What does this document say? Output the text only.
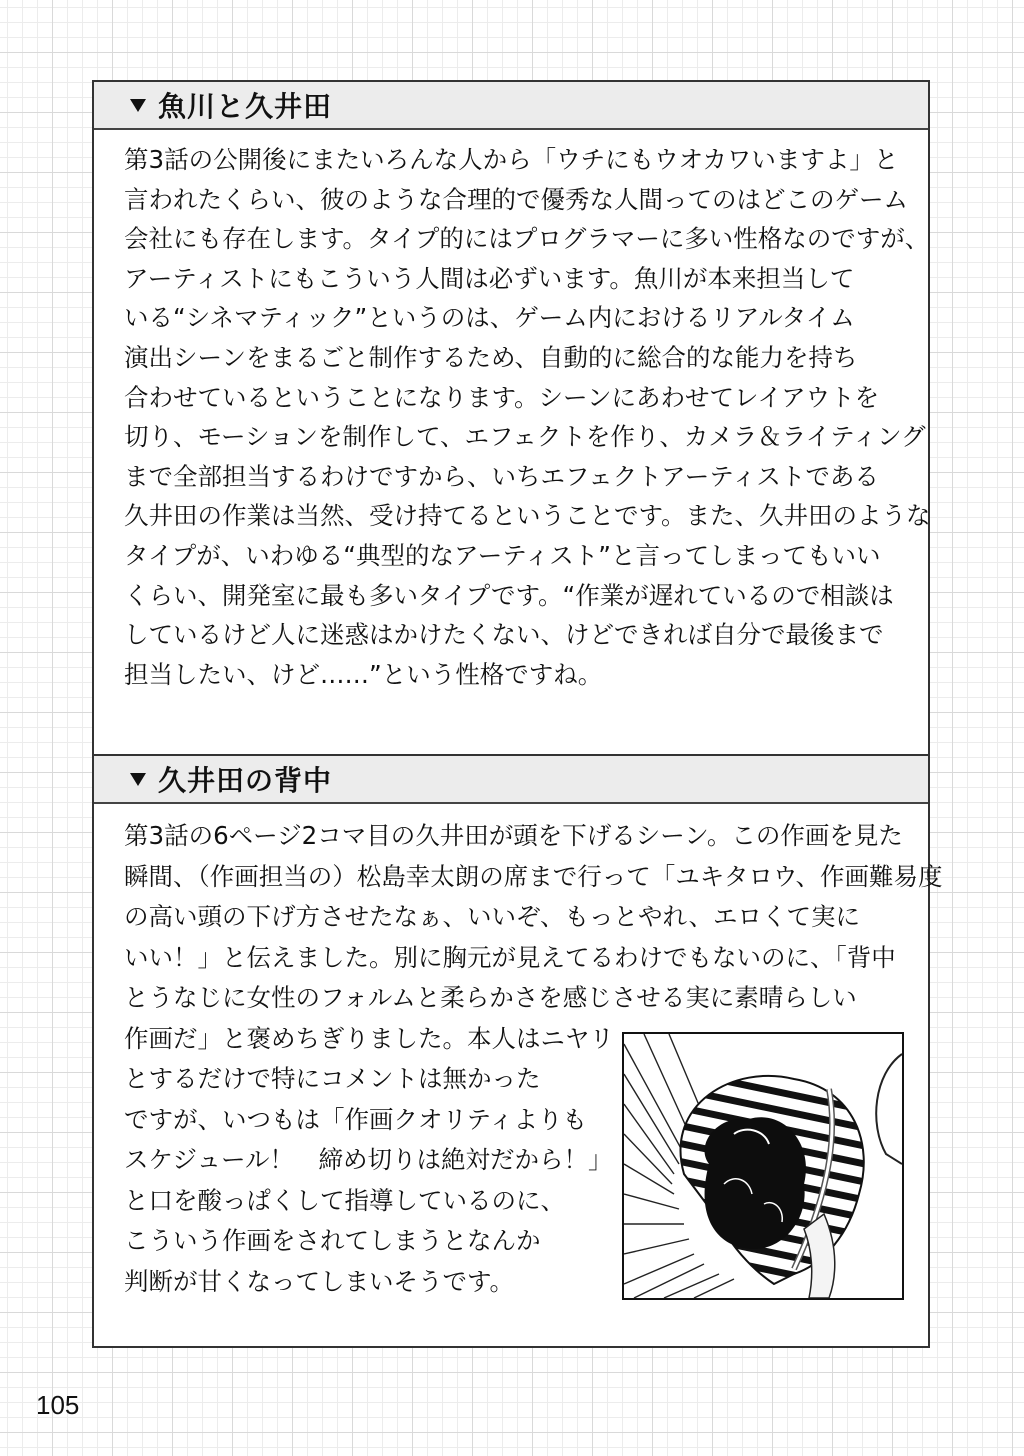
魚川と久井田
第3話の公開後にまたいろんな人から「ウチにもウオカワいますよ」と
言われたくらい、彼のような合理的で優秀な人間ってのはどこのゲーム
会社にも存在します。タイプ的にはプログラマーに多い性格なのですが、
アーティストにもこういう人間は必ずいます。魚川が本来担当して
いる“シネマティック”というのは、ゲーム内におけるリアルタイム
演出シーンをまるごと制作するため、自動的に総合的な能力を持ち
合わせているということになります。シーンにあわせてレイアウトを
切り、モーションを制作して、エフェクトを作り、カメラ＆ライティング
まで全部担当するわけですから、いちエフェクトアーティストである
久井田の作業は当然、受け持てるということです。また、久井田のような
タイプが、いわゆる“典型的なアーティスト”と言ってしまってもいい
くらい、開発室に最も多いタイプです。“作業が遅れているので相談は
しているけど人に迷惑はかけたくない、けどできれば自分で最後まで
担当したい、けど……”という性格ですね。
久井田の背中
第3話の6ページ2コマ目の久井田が頭を下げるシーン。この作画を見た
瞬間、（作画担当の）松島幸太朗の席まで行って「ユキタロウ、作画難易度
の高い頭の下げ方させたなぁ、いいぞ、もっとやれ、エロくて実に
いい！」と伝えました。別に胸元が見えてるわけでもないのに、「背中
とうなじに女性のフォルムと柔らかさを感じさせる実に素晴らしい
作画だ」と褒めちぎりました。本人はニヤリ
とするだけで特にコメントは無かった
ですが、いつもは「作画クオリティよりも
スケジュール！　締め切りは絶対だから！」
と口を酸っぱくして指導しているのに、
こういう作画をされてしまうとなんか
判断が甘くなってしまいそうです。
105
